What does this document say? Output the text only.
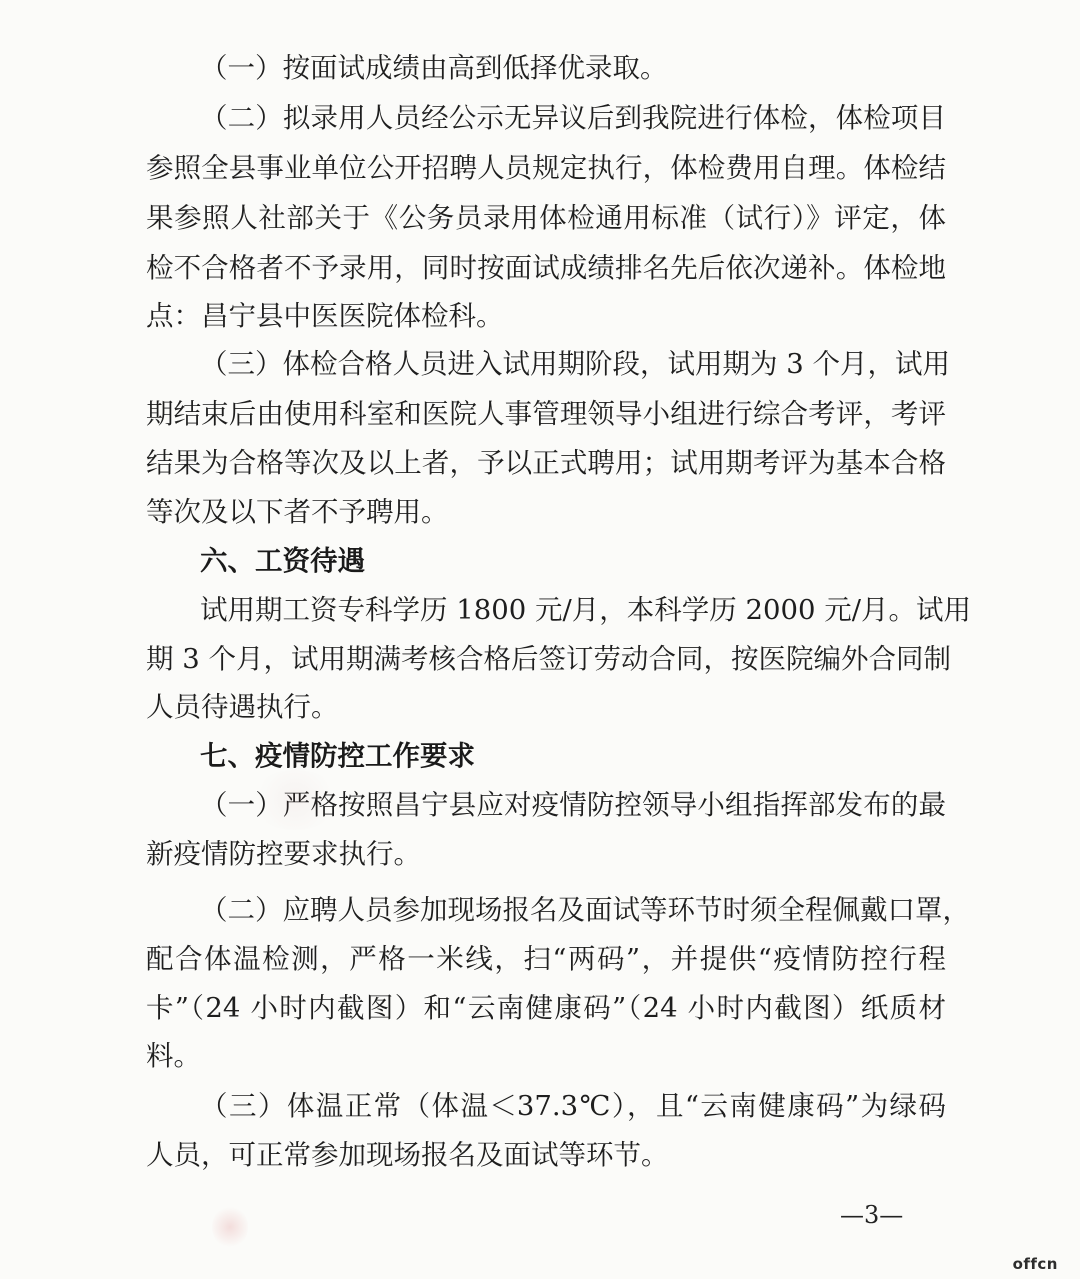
（一）按面试成绩由高到低择优录取。
（二）拟录用人员经公示无异议后到我院进行体检，体检项目
参照全县事业单位公开招聘人员规定执行，体检费用自理。体检结
果参照人社部关于《公务员录用体检通用标准（试行）》评定，体
检不合格者不予录用，同时按面试成绩排名先后依次递补。体检地
点：昌宁县中医医院体检科。
（三）体检合格人员进入试用期阶段，试用期为 3 个月，试用
期结束后由使用科室和医院人事管理领导小组进行综合考评，考评
结果为合格等次及以上者，予以正式聘用；试用期考评为基本合格
等次及以下者不予聘用。
六、工资待遇
试用期工资专科学历 1800 元/月，本科学历 2000 元/月。试用
期 3 个月，试用期满考核合格后签订劳动合同，按医院编外合同制
人员待遇执行。
七、疫情防控工作要求
（一）严格按照昌宁县应对疫情防控领导小组指挥部发布的最
新疫情防控要求执行。
（二）应聘人员参加现场报名及面试等环节时须全程佩戴口罩，
配合体温检测，严格一米线，扫“两码”，并提供“疫情防控行程
卡”（24 小时内截图）和“云南健康码”（24 小时内截图）纸质材
料。
（三）体温正常（体温＜37.3℃），且“云南健康码”为绿码
人员，可正常参加现场报名及面试等环节。
—3—
offcn
